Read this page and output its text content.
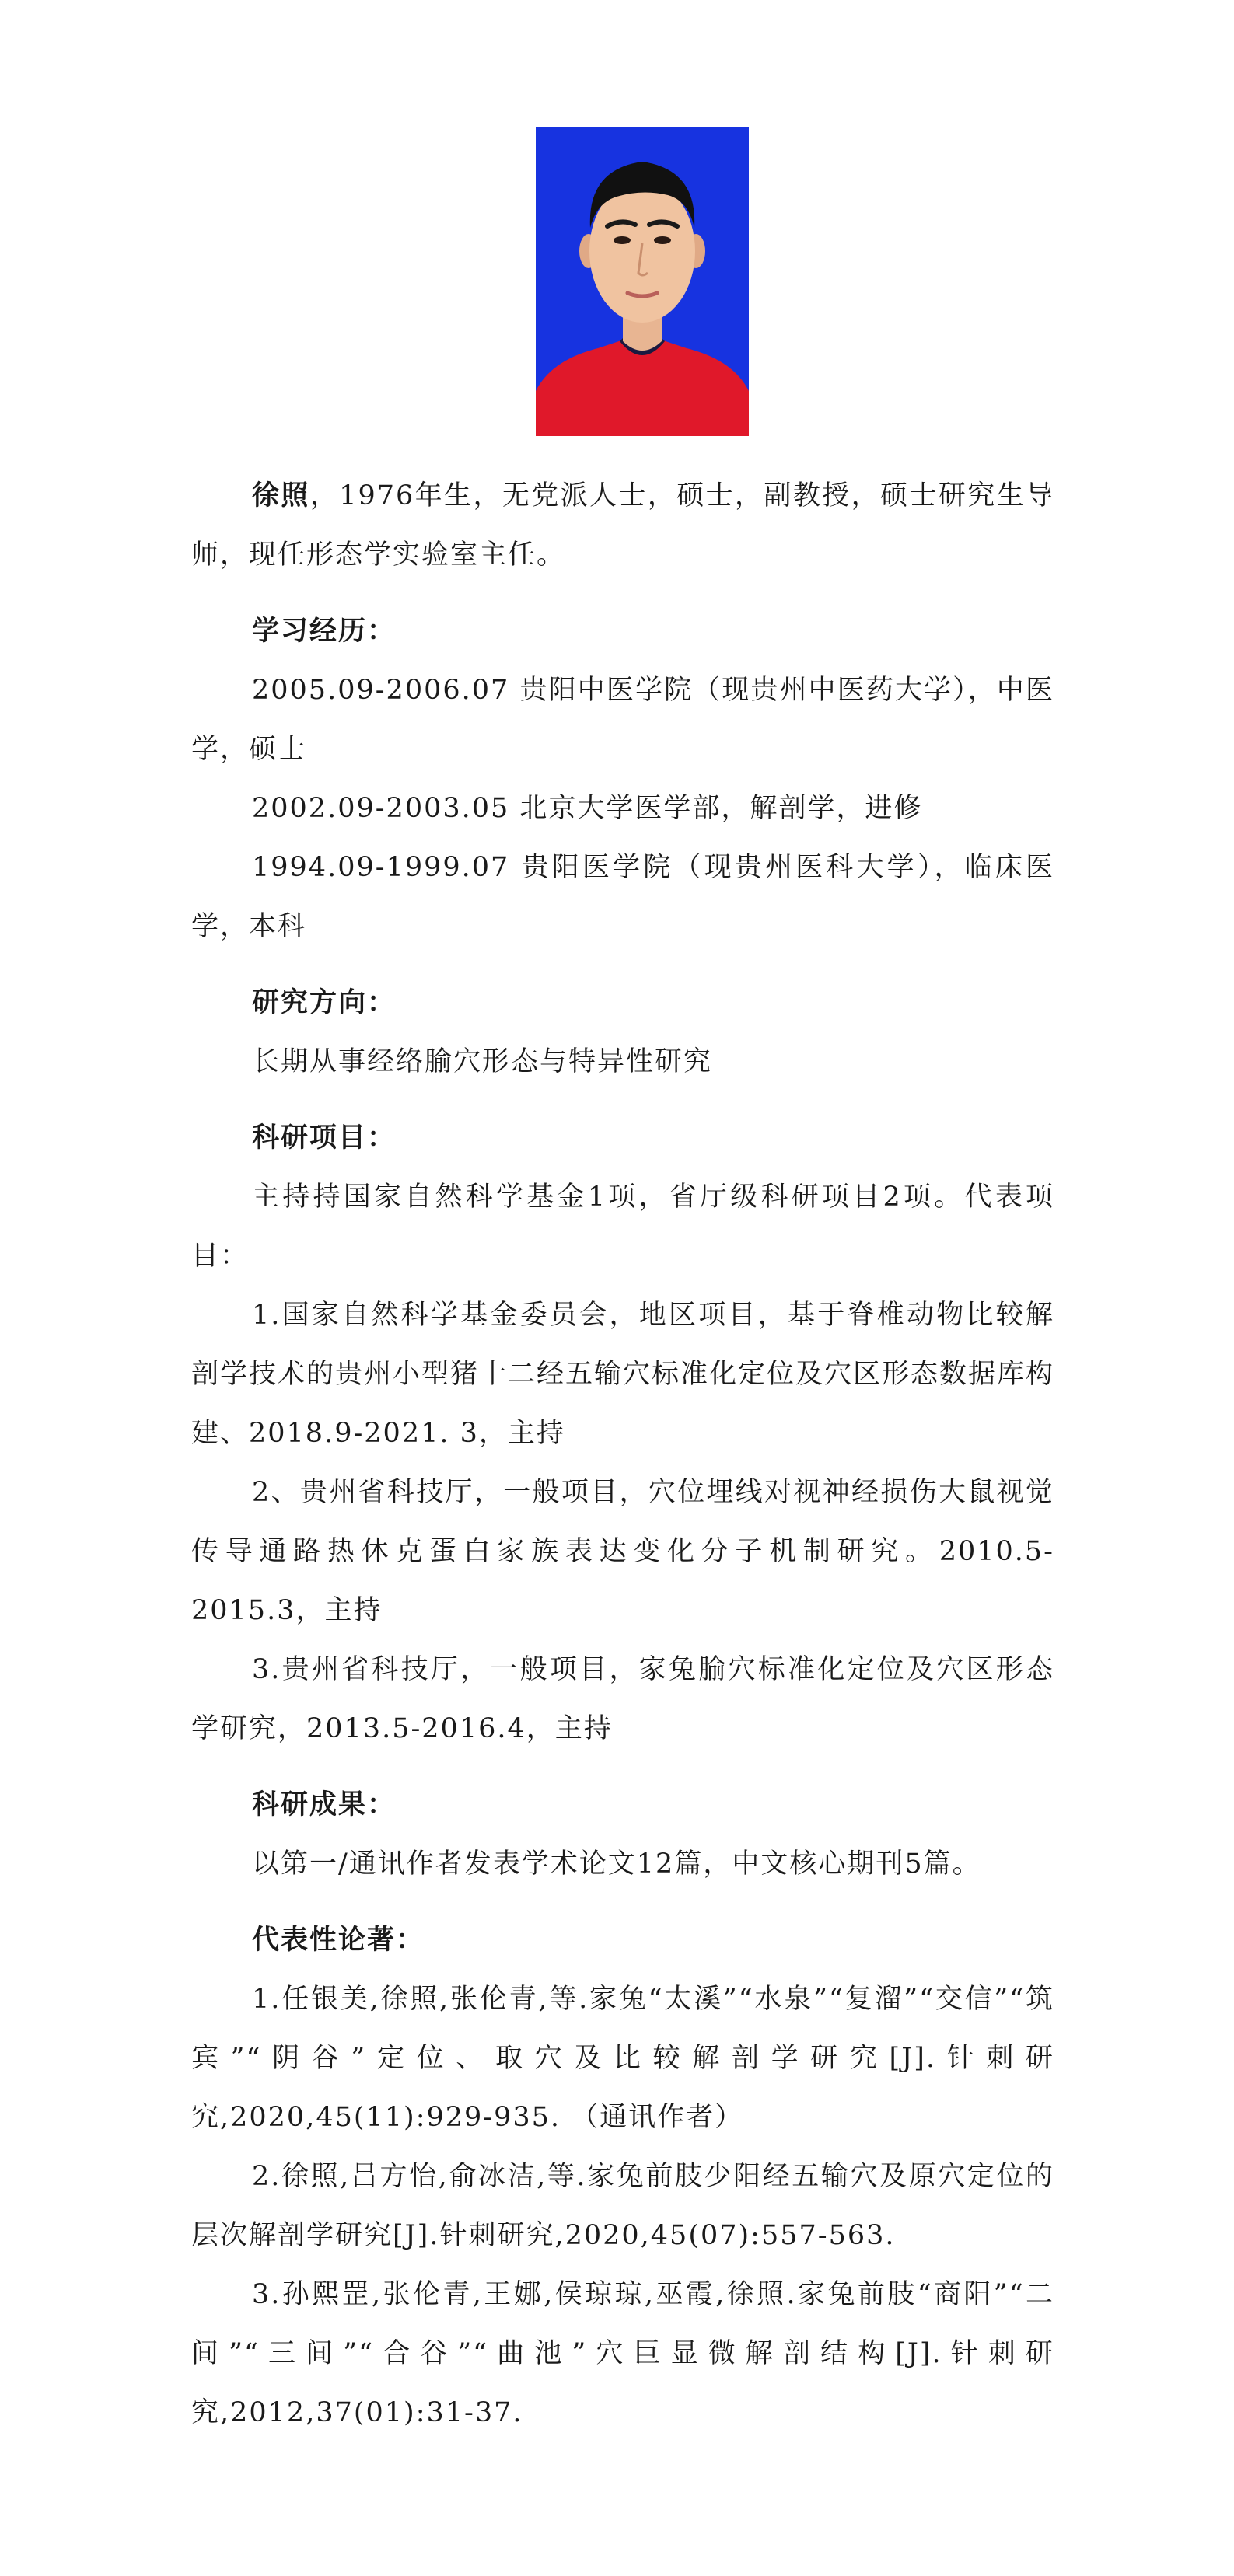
徐照，1976年生，无党派人士，硕士，副教授，硕士研究生导师，现任形态学实验室主任。

学习经历：

2005.09-2006.07 贵阳中医学院（现贵州中医药大学），中医学，硕士

2002.09-2003.05 北京大学医学部，解剖学，进修

1994.09-1999.07 贵阳医学院（现贵州医科大学），临床医学，本科

研究方向：

长期从事经络腧穴形态与特异性研究

科研项目：

主持持国家自然科学基金1项，省厅级科研项目2项。代表项目：

1.国家自然科学基金委员会，地区项目，基于脊椎动物比较解剖学技术的贵州小型猪十二经五输穴标准化定位及穴区形态数据库构建、2018.9-2021. 3，主持

2、贵州省科技厅，一般项目，穴位埋线对视神经损伤大鼠视觉传导通路热休克蛋白家族表达变化分子机制研究。2010.5-2015.3，主持

3.贵州省科技厅，一般项目，家兔腧穴标准化定位及穴区形态学研究，2013.5-2016.4，主持

科研成果：

以第一/通讯作者发表学术论文12篇，中文核心期刊5篇。

代表性论著：

1.任银美,徐照,张伦青,等.家兔“太溪”“水泉”“复溜”“交信”“筑宾”“阴谷”定位、取穴及比较解剖学研究[J].针刺研究,2020,45(11):929-935. （通讯作者）

2.徐照,吕方怡,俞冰洁,等.家兔前肢少阳经五输穴及原穴定位的层次解剖学研究[J].针刺研究,2020,45(07):557-563.

3.孙熙罡,张伦青,王娜,侯琼琼,巫霞,徐照.家兔前肢“商阳”“二间”“三间”“合谷”“曲池”穴巨显微解剖结构[J].针刺研究,2012,37(01):31-37.
